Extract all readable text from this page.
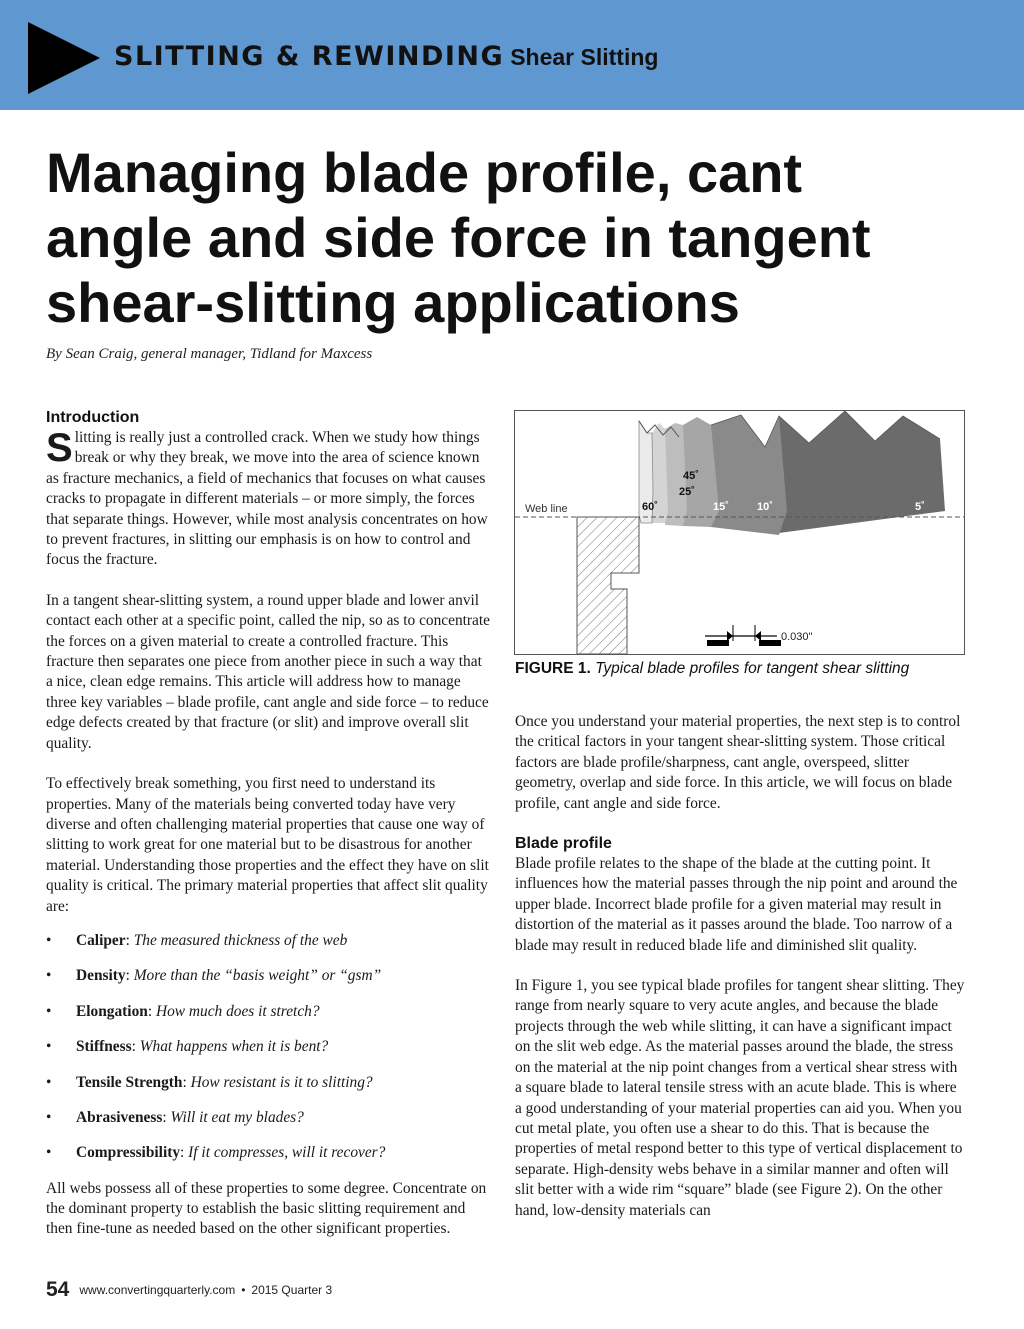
SLITTING & REWINDING Shear Slitting
Managing blade profile, cant angle and side force in tangent shear-slitting applications

By Sean Craig, general manager, Tidland for Maxcess

Introduction

Slitting is really just a controlled crack. When we study how things break or why they break, we move into the area of science known as fracture mechanics, a field of mechanics that focuses on what causes cracks to propagate in different materials – or more simply, the forces that separate things. However, while most analysis concentrates on how to prevent fractures, in slitting our emphasis is on how to control and focus the fracture.

In a tangent shear-slitting system, a round upper blade and lower anvil contact each other at a specific point, called the nip, so as to concentrate the forces on a given material to create a controlled fracture. This fracture then separates one piece from another piece in such a way that a nice, clean edge remains. This article will address how to manage three key variables – blade profile, cant angle and side force – to reduce edge defects created by that fracture (or slit) and improve overall slit quality.

To effectively break something, you first need to understand its properties. Many of the materials being converted today have very diverse and often challenging material properties that cause one way of slitting to work great for one material but to be disastrous for another material. Understanding those properties and the effect they have on slit quality is critical. The primary material properties that affect slit quality are:

• Caliper: The measured thickness of the web
• Density: More than the “basis weight” or “gsm”
• Elongation: How much does it stretch?
• Stiffness: What happens when it is bent?
• Tensile Strength: How resistant is it to slitting?
• Abrasiveness: Will it eat my blades?
• Compressibility: If it compresses, will it recover?

All webs possess all of these properties to some degree. Concentrate on the dominant property to establish the basic slitting requirement and then fine-tune as needed based on the other significant properties.

Web line	60˚
45˚
25˚
15˚	10˚	5˚
0.030"

FIGURE 1. Typical blade profiles for tangent shear slitting

Once you understand your material properties, the next step is to control the critical factors in your tangent shear-slitting system. Those critical factors are blade profile/sharpness, cant angle, overspeed, slitter geometry, overlap and side force. In this article, we will focus on blade profile, cant angle and side force.

Blade profile

Blade profile relates to the shape of the blade at the cutting point. It influences how the material passes through the nip point and around the upper blade. Incorrect blade profile for a given material may result in distortion of the material as it passes around the blade. Too narrow of a blade may result in reduced blade life and diminished slit quality.

In Figure 1, you see typical blade profiles for tangent shear slitting. They range from nearly square to very acute angles, and because the blade projects through the web while slitting, it can have a significant impact on the slit web edge. As the material passes around the blade, the stress on the material at the nip point changes from a vertical shear stress with a square blade to lateral tensile stress with an acute blade. This is where a good understanding of your material properties can aid you. When you cut metal plate, you often use a shear to do this. That is because the properties of metal respond better to this type of vertical displacement to separate. High-density webs behave in a similar manner and often will slit better with a wide rim “square” blade (see Figure 2). On the other hand, low-density materials can

54 www.convertingquarterly.com • 2015 Quarter 3
